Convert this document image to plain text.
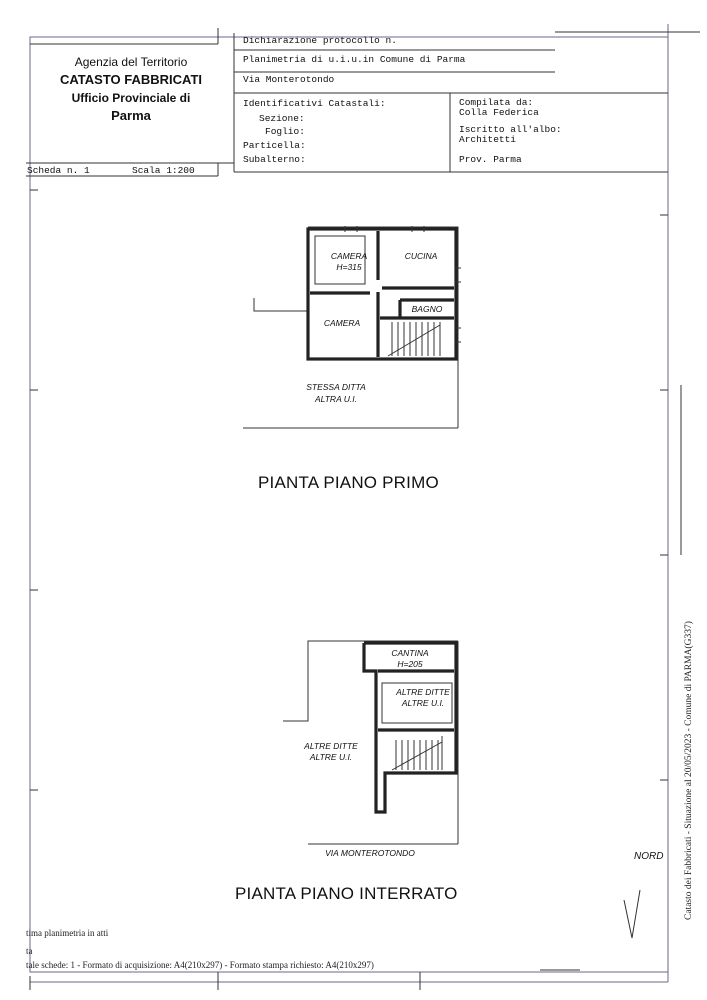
Agenzia del Territorio
CATASTO FABBRICATI
Ufficio Provinciale di
Parma
Dichiarazione protocollo n.
Planimetria di u.i.u.in Comune di Parma
Via Monterotondo
Identificativi Catastali:
Sezione:
Foglio:
Particella:
Subalterno:
Compilata da:
Colla Federica
Iscritto all'albo:
Architetti
Prov. Parma
Scheda n. 1	Scala 1:200
CAMERA
H=315
CUCINA
BAGNO
CAMERA
STESSA DITTA
ALTRA U.I.
PIANTA PIANO PRIMO
CANTINA
H=205
ALTRE DITTE
ALTRE U.I.
ALTRE DITTE
ALTRE U.I.
VIA MONTEROTONDO	NORD
PIANTA PIANO INTERRATO	Catasto dei Fabbricati - Situazione al 20/05/2023 - Comune di PARMA(G337)
tima planimetria in atti
ta
tale schede: 1 - Formato di acquisizione: A4(210x297) - Formato stampa richiesto: A4(210x297)
